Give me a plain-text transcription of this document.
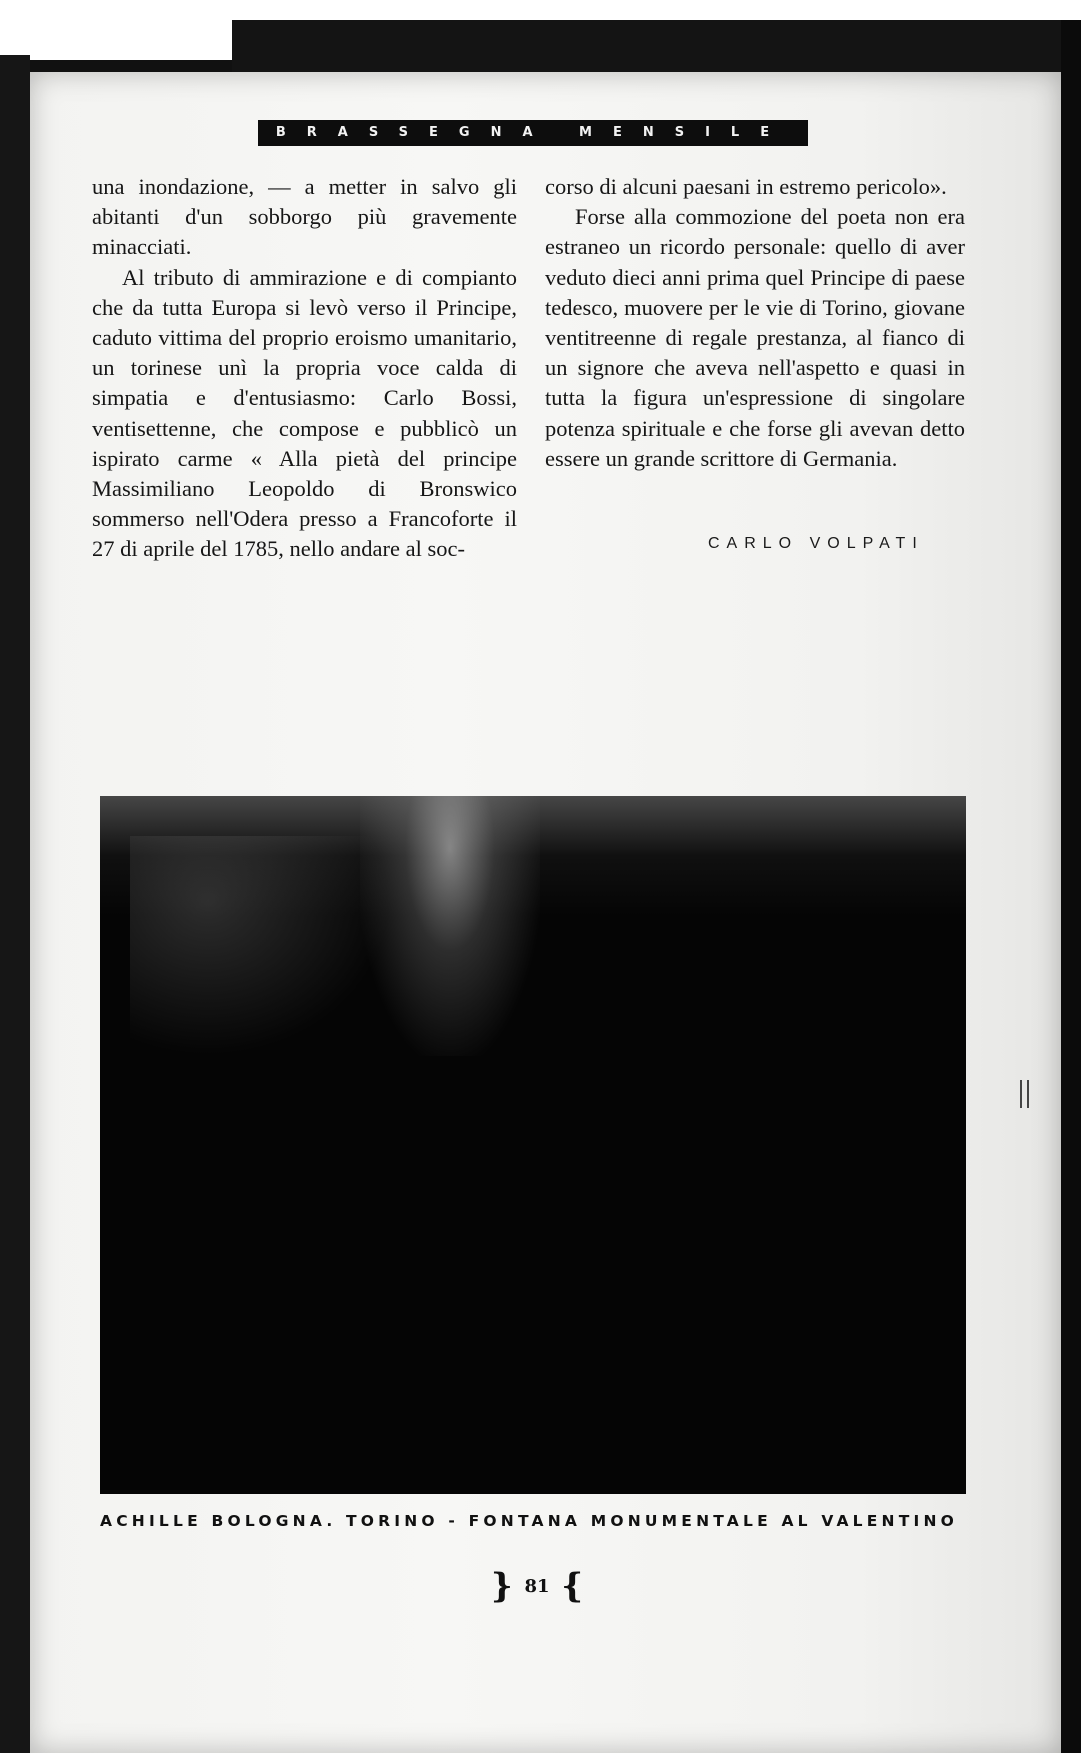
BRASSEGNA MENSILE

una inondazione, — a metter in salvo gli abitanti d'un sobborgo più gravemente minacciati.

Al tributo di ammirazione e di compianto che da tutta Europa si levò verso il Principe, caduto vittima del proprio eroismo umanitario, un torinese unì la propria voce calda di simpatia e d'entusiasmo: Carlo Bossi, ventisettenne, che compose e pubblicò un ispirato carme « Alla pietà del principe Massimiliano Leopoldo di Bronswico sommerso nell'Odera presso a Francoforte il 27 di aprile del 1785, nello andare al soc-

corso di alcuni paesani in estremo pericolo».

Forse alla commozione del poeta non era estraneo un ricordo personale: quello di aver veduto dieci anni prima quel Principe di paese tedesco, muovere per le vie di Torino, giovane ventitreenne di regale prestanza, al fianco di un signore che aveva nell'aspetto e quasi in tutta la figura un'espressione di singolare potenza spirituale e che forse gli avevan detto essere un grande scrittore di Germania.

CARLO VOLPATI
ACHILLE BOLOGNA. TORINO - FONTANA MONUMENTALE AL VALENTINO
} 81 {
